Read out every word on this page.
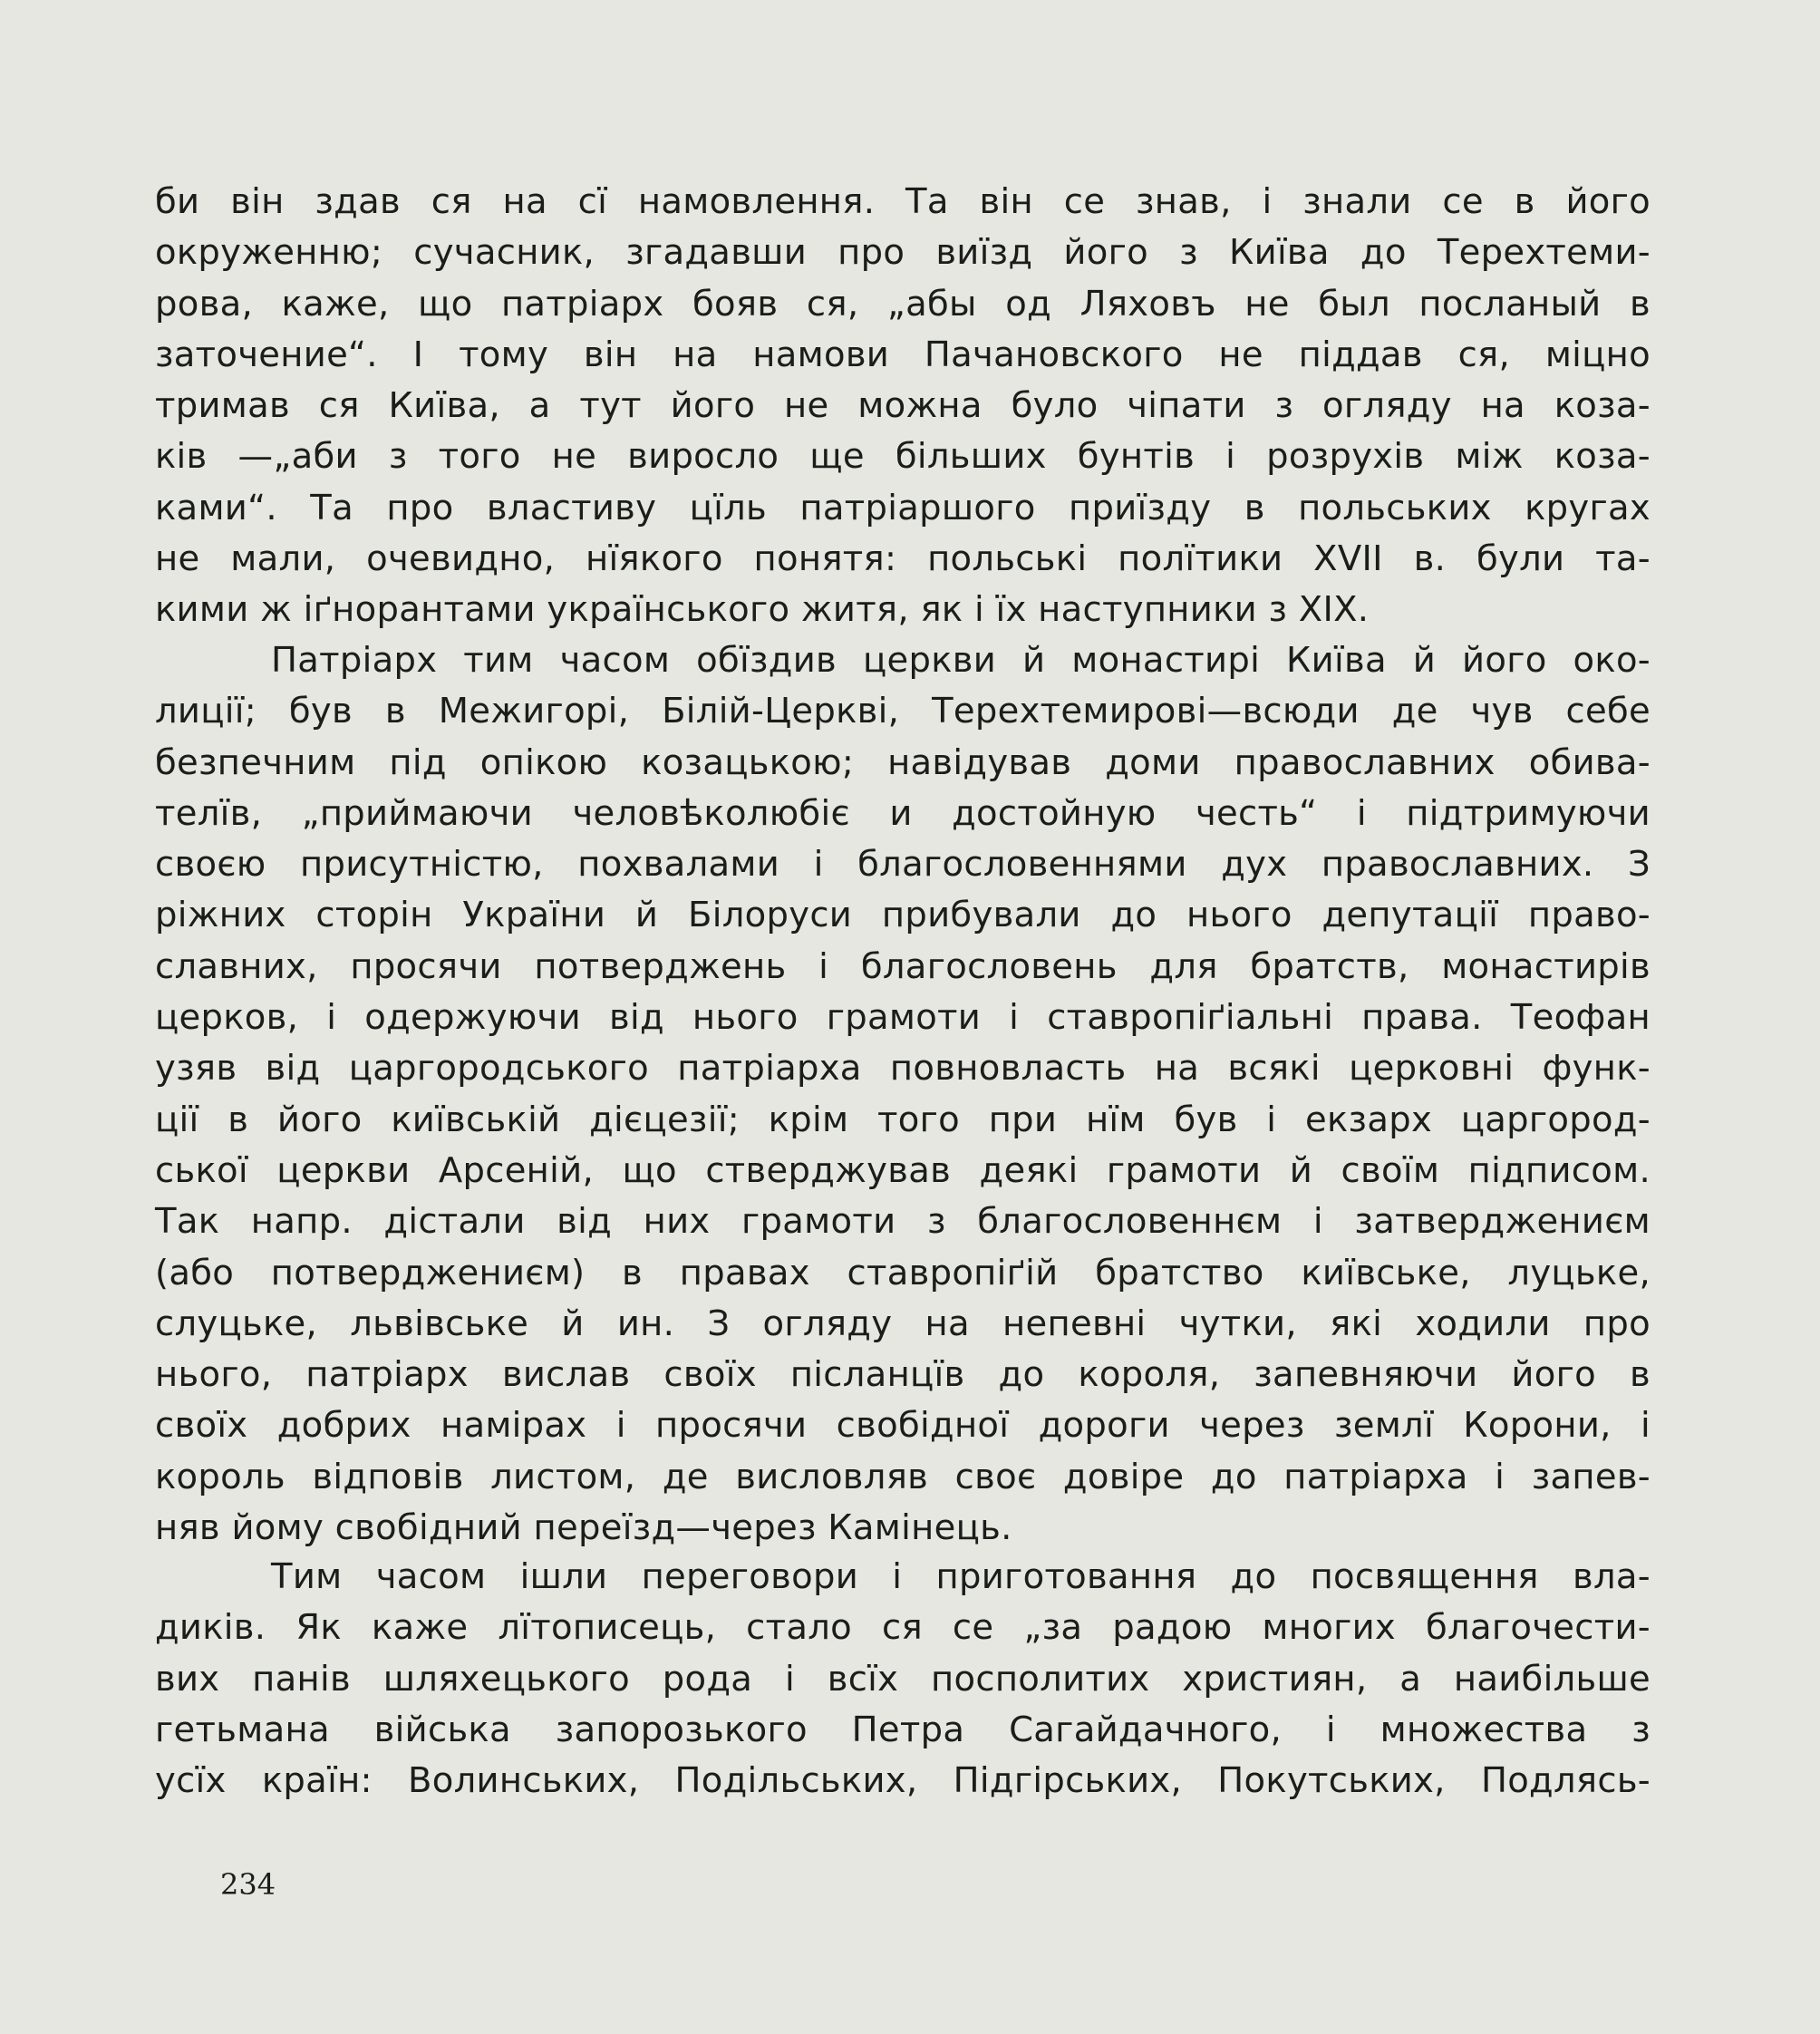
би він здав ся на сї намовлення. Та він се знав, і знали се в його
окруженню; сучасник, згадавши про виїзд його з Київа до Терехтеми-
рова, каже, що патріарх бояв ся, „абы од Ляховъ не был посланый в
заточение“. І тому він на намови Пачановского не піддав ся, міцно
тримав ся Київа, а тут його не можна було чіпати з огляду на коза-
ків —„аби з того не виросло ще більших бунтів і розрухів між коза-
ками“. Та про властиву цїль патріаршого приїзду в польських кругах
не мали, очевидно, нїякого понятя: польські полїтики XVII в. були та-
кими ж іґнорантами українського житя, як і їх наступники з XIX.
Патріарх тим часом обїздив церкви й монастирі Київа й його око-
лиції; був в Межигорі, Білій-Церкві, Терехтемирові—всюди де чув себе
безпечним під опікою козацькою; навідував доми православних обива-
телїв, „приймаючи человѣколюбіє и достойную честь“ і підтримуючи
своєю присутністю, похвалами і благословеннями дух православних. З
ріжних сторін України й Білоруси прибували до нього депутації право-
славних, просячи потверджень і благословень для братств, монастирів
церков, і одержуючи від нього грамоти і ставропіґіальні права. Теофан
узяв від царгородського патріарха повновласть на всякі церковні функ-
ції в його київській дієцезії; крім того при нїм був і екзарх царгород-
ської церкви Арсеній, що стверджував деякі грамоти й своїм підписом.
Так напр. дістали від них грамоти з благословеннєм і затверджениєм
(або потверджениєм) в правах ставропіґій братство київське, луцьке,
слуцьке, львівське й ин. З огляду на непевні чутки, які ходили про
нього, патріарх вислав своїх післанцїв до короля, запевняючи його в
своїх добрих намірах і просячи свобідної дороги через землї Корони, і
король відповів листом, де висловляв своє довіре до патріарха і запев-
няв йому свобідний переїзд—через Камінець.
Тим часом ішли переговори і приготовання до посвящення вла-
диків. Як каже лїтописець, стало ся се „за радою многих благочести-
вих панів шляхецького рода і всїх посполитих християн, а наибільше
гетьмана війська запорозького Петра Сагайдачного, і множества з
усїх країн: Волинських, Подільських, Підгірських, Покутських, Подлясь-
234
